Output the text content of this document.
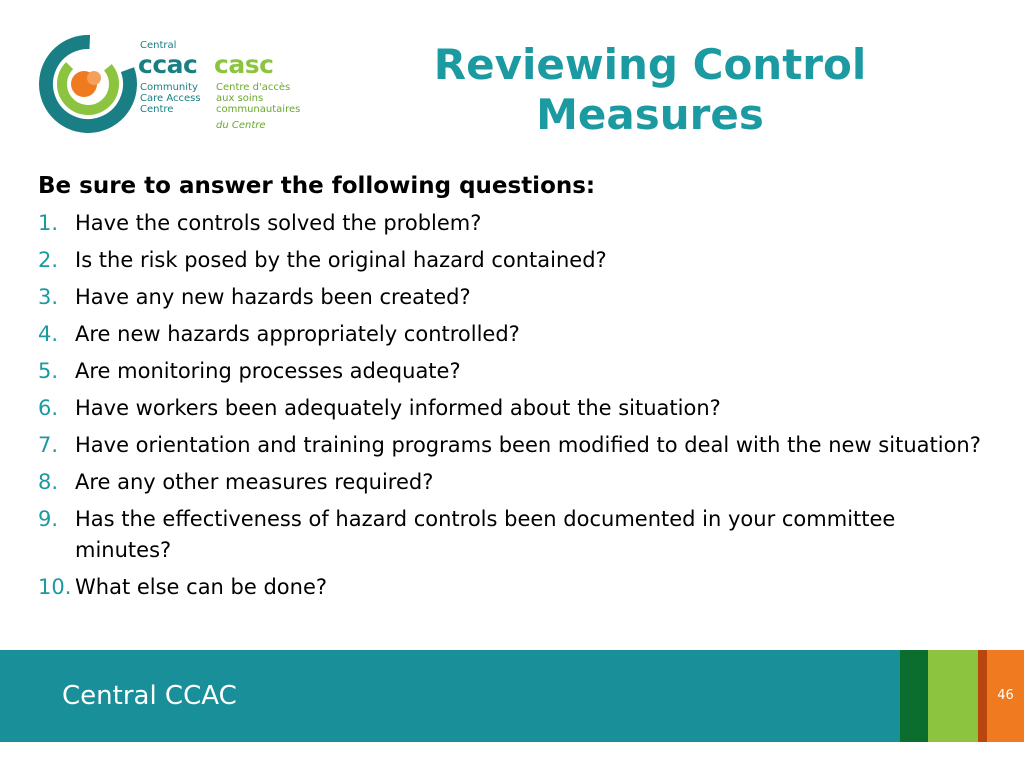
Central
ccac casc
Community
Care Access
Centre
Centre d'accès
aux soins
communautaires
du Centre
Reviewing Control
Measures

Be sure to answer the following questions:

1. Have the controls solved the problem?
2. Is the risk posed by the original hazard contained?
3. Have any new hazards been created?
4. Are new hazards appropriately controlled?
5. Are monitoring processes adequate?
6. Have workers been adequately informed about the situation?
7. Have orientation and training programs been modified to deal with the new situation?
8. Are any other measures required?
9. Has the effectiveness of hazard controls been documented in your committee minutes?
10. What else can be done?
Central CCAC	46
